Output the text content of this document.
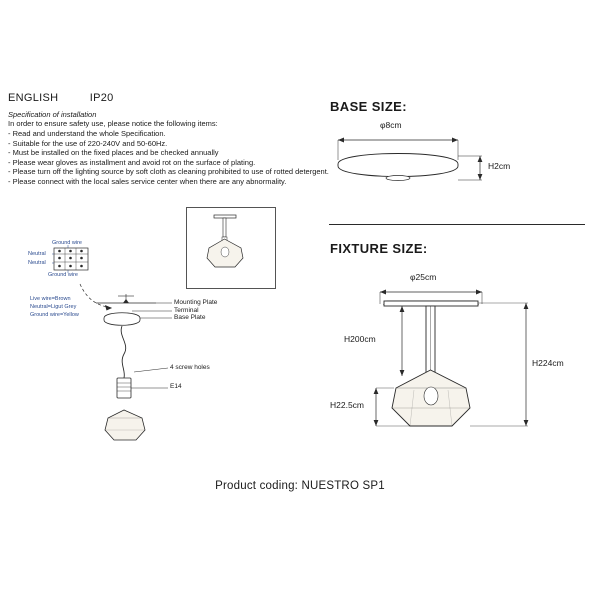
ENGLISH	IP20
Specification of installation
In order to ensure safety use, please notice the following items:
- Read and understand the whole Specification.
- Suitable for the use of 220-240V and 50-60Hz.
- Must be installed on the fixed places and be checked annually
- Please wear gloves as installment and avoid rot on the surface of plating.
- Please turn off the lighting source by soft cloth as cleaning prohibited to use of rotted detergent.
- Please connect with the local sales service center when there are any abnormality.
BASE SIZE:
FIXTURE SIZE:
φ8cm
H2cm
φ25cm
H200cm
H22.5cm
H224cm
Ground wire
Neutral
Neutral
Ground wire
Live wire=Brown
Neutral=Ligut Grey
Ground wire=Yellow
Mounting Plate
Terminal
Base Plate
4 screw holes
E14
Product coding: NUESTRO SP1
